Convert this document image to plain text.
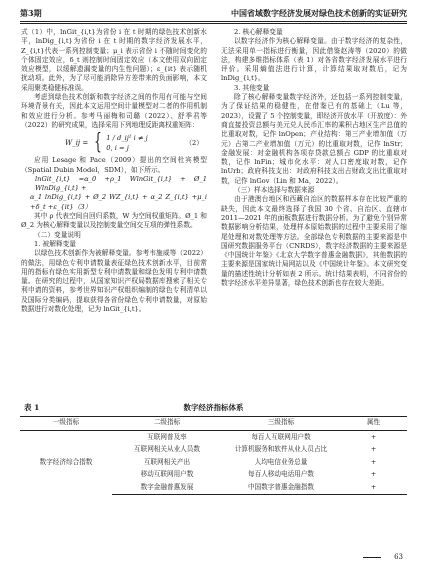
第3期	中国省域数字经济发展对绿色技术创新的实证研究

式（1）中，lnGit_{i,t}为省份 i 在 t 时期的绿色技术创新水平，lnDig_{i,t}为省份 i 在 t 时期的数字经济发展水平，Z_{i,t}代表一系列控制变量；μ_i 表示省份 i 不随时间变化的个体固定效应，δ_t 则控制时间固定效应（本文使用双向固定效应模型，以缓解遗漏变量的内生性问题）；ε_{it} 表示随机扰动项。此外，为了尽可能消除异方差带来的负面影响，本文采用聚类稳健标准误。

考虑到绿色技术创新和数字经济之间的作用有可能与空间环境背景有关，因此本文运用空间计量模型对二者的作用机制和效应进行分析。参考马丽梅和司璐（2022）、舒季君等（2022）的研究成果，选择采用下列地理反距离权重矩阵：

W_ij = { 1 / d_ij² i ≠ j
0, i = j
（2）

应用 Lesage 和 Pace（2009）提出的空间杜宾模型（Spatial Dubin Model，SDM），如下所示。

lnGit_{i,t} =α_0 +ρ_1 WlnGit_{i,t} + Ø_1 WlnDig_{i,t} +

α_1 lnDig_{i,t} + Ø_2 WZ_{i,t} + α_2 Z_{i,t} +μ_i +δ_t +ε_{it}（3）

其中 ρ 代表空间自回归系数，W 为空间权重矩阵。Ø_1 和 Ø_2 为核心解释变量以及控制变量空间交互项的弹性系数。

（二）变量说明

1. 被解释变量

以绿色技术创新作为被解释变量。参考韦施威等（2022）的做法，用绿色专利申请数量表征绿色技术创新水平，目前常用的指标有绿色实用新型专利申请数量和绿色发明专利申请数量。在研究的过程中，从国家知识产权局数据库搜索了相关专利申请的资料，参考世界知识产权组织编制的绿色专利清单以及国际分类编码，提取获得各省份绿色专利申请数量，对原始数据进行对数化处理，记为 lnGit_{i,t}。

2. 核心解释变量

以数字经济作为核心解释变量。由于数字经济的复杂性，无法采用单一指标进行衡量，因此借鉴赵涛等（2020）的做法，构建多维指标体系（表 1）对各省数字经济发展水平进行评价。采用熵值法进行计算，计算结果取对数后，记为 lnDig_{i,t}。

3. 其他变量

除了核心解释变量数字经济外，还包括一系列控制变量，为了保证结果的稳健性，在借鉴已有的基础上（Lu 等，2023），设置了 5 个控制变量，即经济开放水平（开放度）：外商直接投资总额与美元兑人民币汇率的乘积占地区生产总值的比重取对数，记作 lnOpen；产业结构：第三产业增加值（万元）占第二产业增加值（万元）的比重取对数，记作 lnStr；金融发展：对金融机构各项存贷款总额占 GDP 的比重取对数，记作 lnFin；城市化水平：对人口密度取对数，记作 lnUrb；政府科技支出：对政府科技支出占财政支出比重取对数，记作 lnGov（Lin 和 Ma，2022）。

（三）样本选择与数据来源

由于港澳台地区和西藏自治区的数据样本存在比较严重的缺失，因此本文最终选择了我国 30 个省、自治区、直辖市 2011—2021 年的面板数据进行数据分析。为了避免个别异常数据影响分析结果，处理样本原始数据的过程中主要采用了缩尾处理和对数处理等方法。全部绿色专利数据的主要来源是中国研究数据服务平台（CNRDS），数字经济数据的主要来源是《中国统计年鉴》《北京大学数字普惠金融数据》，其他数据的主要来源是国家统计局网站以及《中国统计年鉴》。本文研究变量的描述性统计分析如表 2 所示。统计结果表明，不同省份的数字经济水平差异显著，绿色技术创新也存在较大差距。

表 1	数字经济指标体系
一级指标	二级指标	三级指标	属性
数字经济综合指数	互联网普及率	每百人互联网用户数	+
	互联网相关从业人员数	计算机服务和软件从业人员占比	+
	互联网相关产出	人均电信业务总量	+
	移动互联网用户数	每百人移动电话用户数	+
	数字金融普惠发展	中国数字普惠金融指数	+
63
